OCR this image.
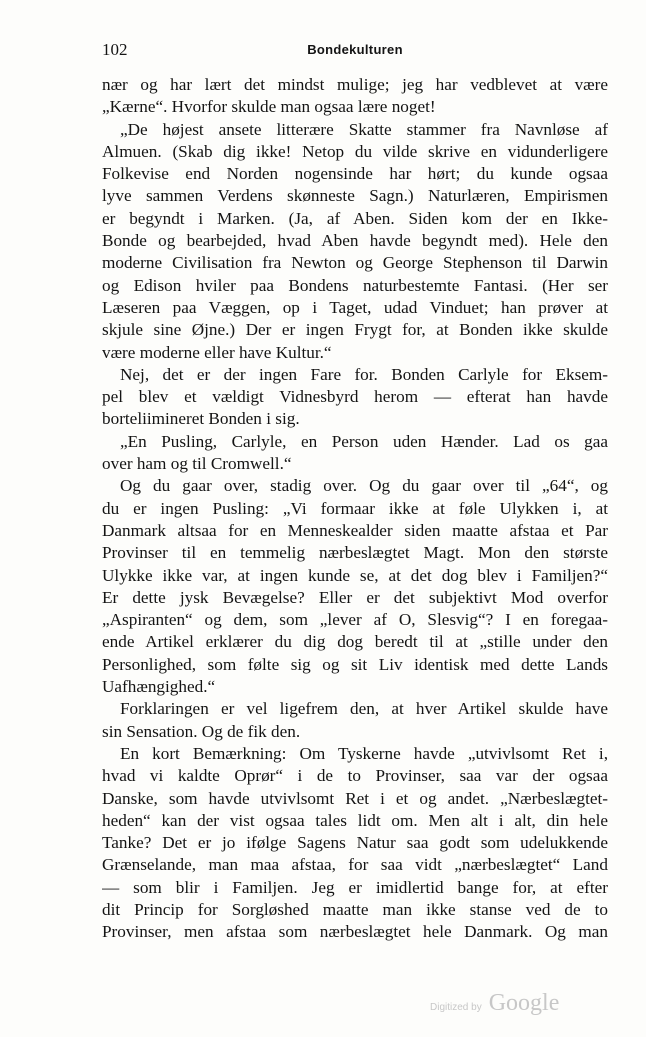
102	Bondekulturen
nær og har lært det mindst mulige; jeg har vedblevet at være
„Kærne“. Hvorfor skulde man ogsaa lære noget!
„De højest ansete litterære Skatte stammer fra Navnløse af
Almuen. (Skab dig ikke! Netop du vilde skrive en vidunderligere
Folkevise end Norden nogensinde har hørt; du kunde ogsaa
lyve sammen Verdens skønneste Sagn.) Naturlæren, Empirismen
er begyndt i Marken. (Ja, af Aben. Siden kom der en Ikke-
Bonde og bearbejded, hvad Aben havde begyndt med). Hele den
moderne Civilisation fra Newton og George Stephenson til Darwin
og Edison hviler paa Bondens naturbestemte Fantasi. (Her ser
Læseren paa Væggen, op i Taget, udad Vinduet; han prøver at
skjule sine Øjne.) Der er ingen Frygt for, at Bonden ikke skulde
være moderne eller have Kultur.“
Nej, det er der ingen Fare for. Bonden Carlyle for Eksem-
pel blev et vældigt Vidnesbyrd herom — efterat han havde
borteliimineret Bonden i sig.
„En Pusling, Carlyle, en Person uden Hænder. Lad os gaa
over ham og til Cromwell.“
Og du gaar over, stadig over. Og du gaar over til „64“, og
du er ingen Pusling: „Vi formaar ikke at føle Ulykken i, at
Danmark altsaa for en Menneskealder siden maatte afstaa et Par
Provinser til en temmelig nærbeslægtet Magt. Mon den største
Ulykke ikke var, at ingen kunde se, at det dog blev i Familjen?“
Er dette jysk Bevægelse? Eller er det subjektivt Mod overfor
„Aspiranten“ og dem, som „lever af O, Slesvig“? I en foregaa-
ende Artikel erklærer du dig dog beredt til at „stille under den
Personlighed, som følte sig og sit Liv identisk med dette Lands
Uafhængighed.“
Forklaringen er vel ligefrem den, at hver Artikel skulde have
sin Sensation. Og de fik den.
En kort Bemærkning: Om Tyskerne havde „utvivlsomt Ret i,
hvad vi kaldte Oprør“ i de to Provinser, saa var der ogsaa
Danske, som havde utvivlsomt Ret i et og andet. „Nærbeslægtet-
heden“ kan der vist ogsaa tales lidt om. Men alt i alt, din hele
Tanke? Det er jo ifølge Sagens Natur saa godt som udelukkende
Grænselande, man maa afstaa, for saa vidt „nærbeslægtet“ Land
— som blir i Familjen. Jeg er imidlertid bange for, at efter
dit Princip for Sorgløshed maatte man ikke stanse ved de to
Provinser, men afstaa som nærbeslægtet hele Danmark. Og man
Digitized by Google
